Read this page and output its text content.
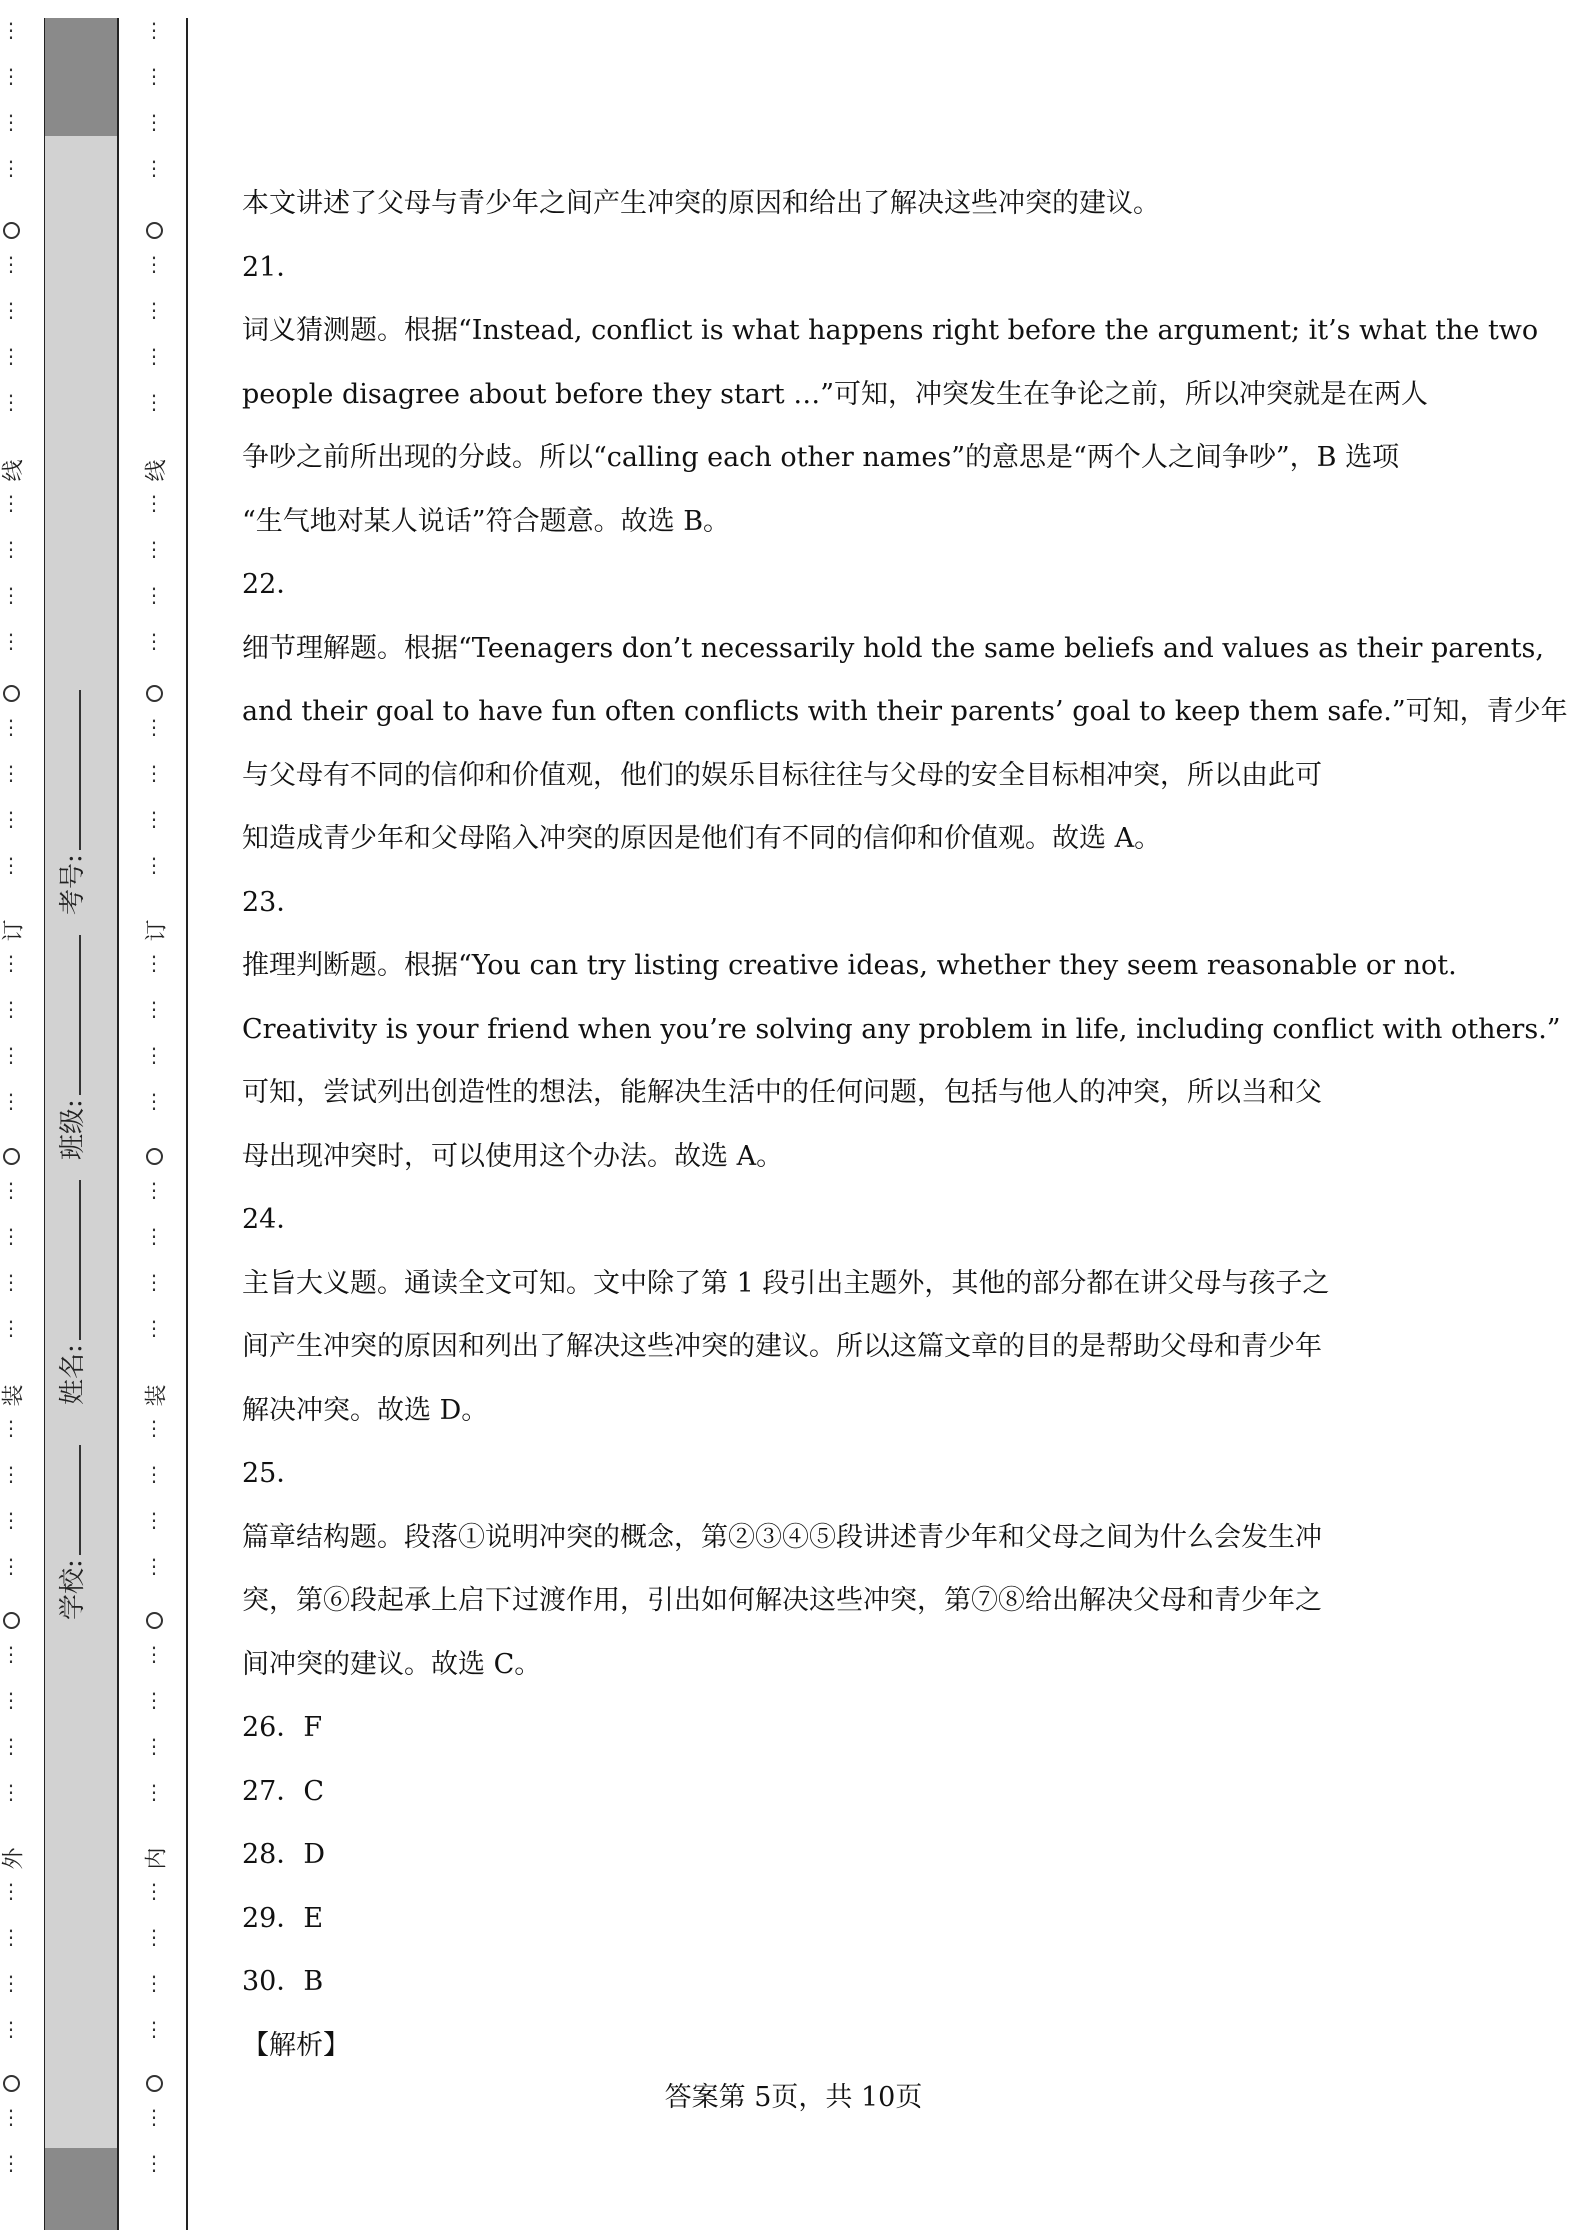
考号:
班级:
姓名:
学校:
⋮
⋮
⋮
⋮
⋮
⋮
⋮
⋮
线
⋮
⋮
⋮
⋮
⋮
⋮
⋮
⋮
订
⋮
⋮
⋮
⋮
⋮
⋮
⋮
⋮
装
⋮
⋮
⋮
⋮
⋮
⋮
⋮
⋮
外
⋮
⋮
⋮
⋮
⋮
⋮
⋮
⋮
⋮
⋮
⋮
⋮
⋮
⋮
线
⋮
⋮
⋮
⋮
⋮
⋮
⋮
⋮
订
⋮
⋮
⋮
⋮
⋮
⋮
⋮
⋮
装
⋮
⋮
⋮
⋮
⋮
⋮
⋮
⋮
内
⋮
⋮
⋮
⋮
⋮
⋮
本文讲述了父母与青少年之间产生冲突的原因和给出了解决这些冲突的建议。
21．
词义猜测题。根据“Instead, conflict is what happens right before the argument; it’s what the two
people disagree about before they start …”可知，冲突发生在争论之前，所以冲突就是在两人
争吵之前所出现的分歧。所以“calling each other names”的意思是“两个人之间争吵”，B 选项
“生气地对某人说话”符合题意。故选 B。
22．
细节理解题。根据“Teenagers don’t necessarily hold the same beliefs and values as their parents,
and their goal to have fun often conflicts with their parents’ goal to keep them safe.”可知，青少年
与父母有不同的信仰和价值观，他们的娱乐目标往往与父母的安全目标相冲突，所以由此可
知造成青少年和父母陷入冲突的原因是他们有不同的信仰和价值观。故选 A。
23．
推理判断题。根据“You can try listing creative ideas, whether they seem reasonable or not.
Creativity is your friend when you’re solving any problem in life, including conflict with others.”
可知，尝试列出创造性的想法，能解决生活中的任何问题，包括与他人的冲突，所以当和父
母出现冲突时，可以使用这个办法。故选 A。
24．
主旨大义题。通读全文可知。文中除了第 1 段引出主题外，其他的部分都在讲父母与孩子之
间产生冲突的原因和列出了解决这些冲突的建议。所以这篇文章的目的是帮助父母和青少年
解决冲突。故选 D。
25．
篇章结构题。段落①说明冲突的概念，第②③④⑤段讲述青少年和父母之间为什么会发生冲
突，第⑥段起承上启下过渡作用，引出如何解决这些冲突，第⑦⑧给出解决父母和青少年之
间冲突的建议。故选 C。
26．F
27．C
28．D
29．E
30．B
【解析】
答案第 5页，共 10页
